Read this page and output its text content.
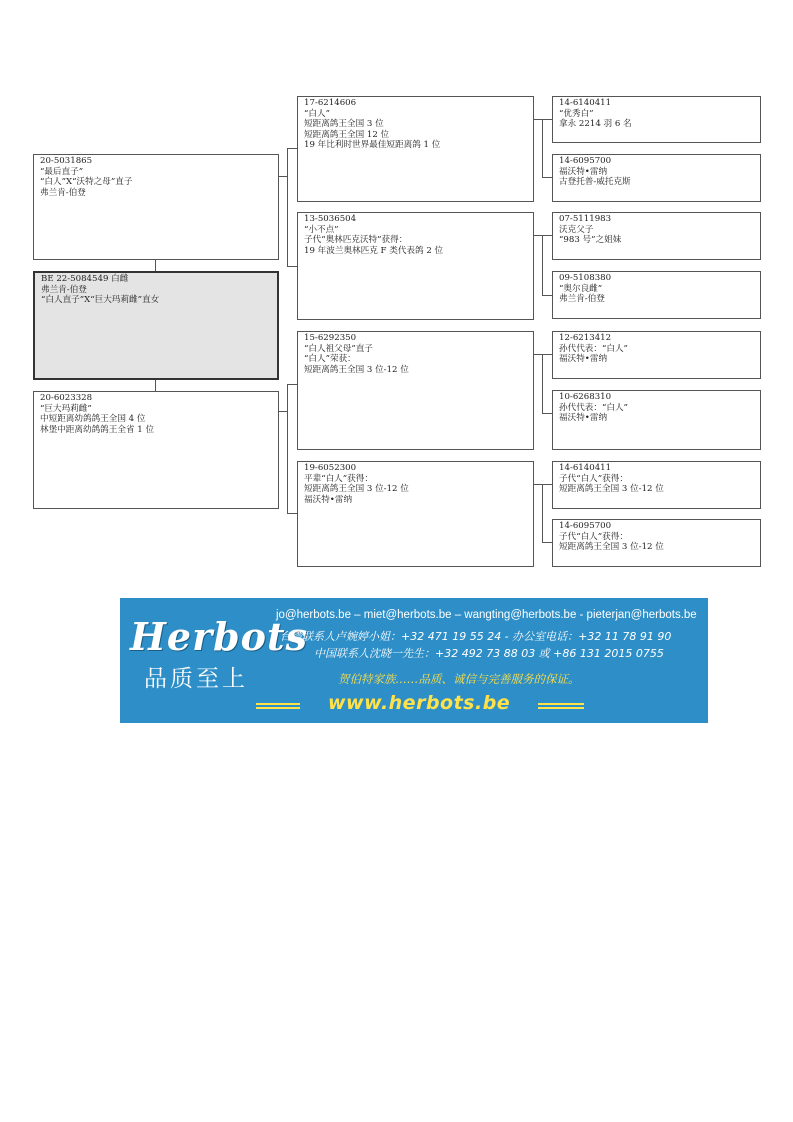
BE 22-5084549 白雌
弗兰肯-伯登
“白人直子”X“巨大玛莉雌”直女
20-5031865
“最后直子”
“白人”X“沃特之母”直子
弗兰肯-伯登
20-6023328
“巨大玛莉雌”
中短距离幼鸽鸽王全国 4 位
林堡中距离幼鸽鸽王全省 1 位
17-6214606
“白人”
短距离鸽王全国 3 位
短距离鸽王全国 12 位
19 年比利时世界最佳短距离鸽 1 位
13-5036504
“小不点”
子代“奥林匹克沃特”获得：
19 年波兰奥林匹克 F 类代表鸽 2 位
15-6292350
“白人祖父母”直子
“白人”荣获：
短距离鸽王全国 3 位-12 位
19-6052300
平辈“白人”获得：
短距离鸽王全国 3 位-12 位
福沃特•雷纳
14-6140411
“优秀白”
拿永 2214 羽 6 名
14-6095700
福沃特•雷纳
古登托普-威托克斯
07-5111983
沃克父子
“983 号”之姐妹
09-5108380
“奥尔良雌”
弗兰肯-伯登
12-6213412
孙代代表：“白人”
福沃特•雷纳
10-6268310
孙代代表：“白人”
福沃特•雷纳
14-6140411
子代“白人”获得：
短距离鸽王全国 3 位-12 位
14-6095700
子代“白人”获得：
短距离鸽王全国 3 位-12 位
Herbots
品质至上
jo@herbots.be – miet@herbots.be – wangting@herbots.be - pieterjan@herbots.be
台湾联系人卢婉婷小姐：+32 471 19 55 24 - 办公室电话：+32 11 78 91 90
中国联系人沈晓一先生：+32 492 73 88 03 或 +86 131 2015 0755
贺伯特家族……品质、诚信与完善服务的保证。
www.herbots.be
